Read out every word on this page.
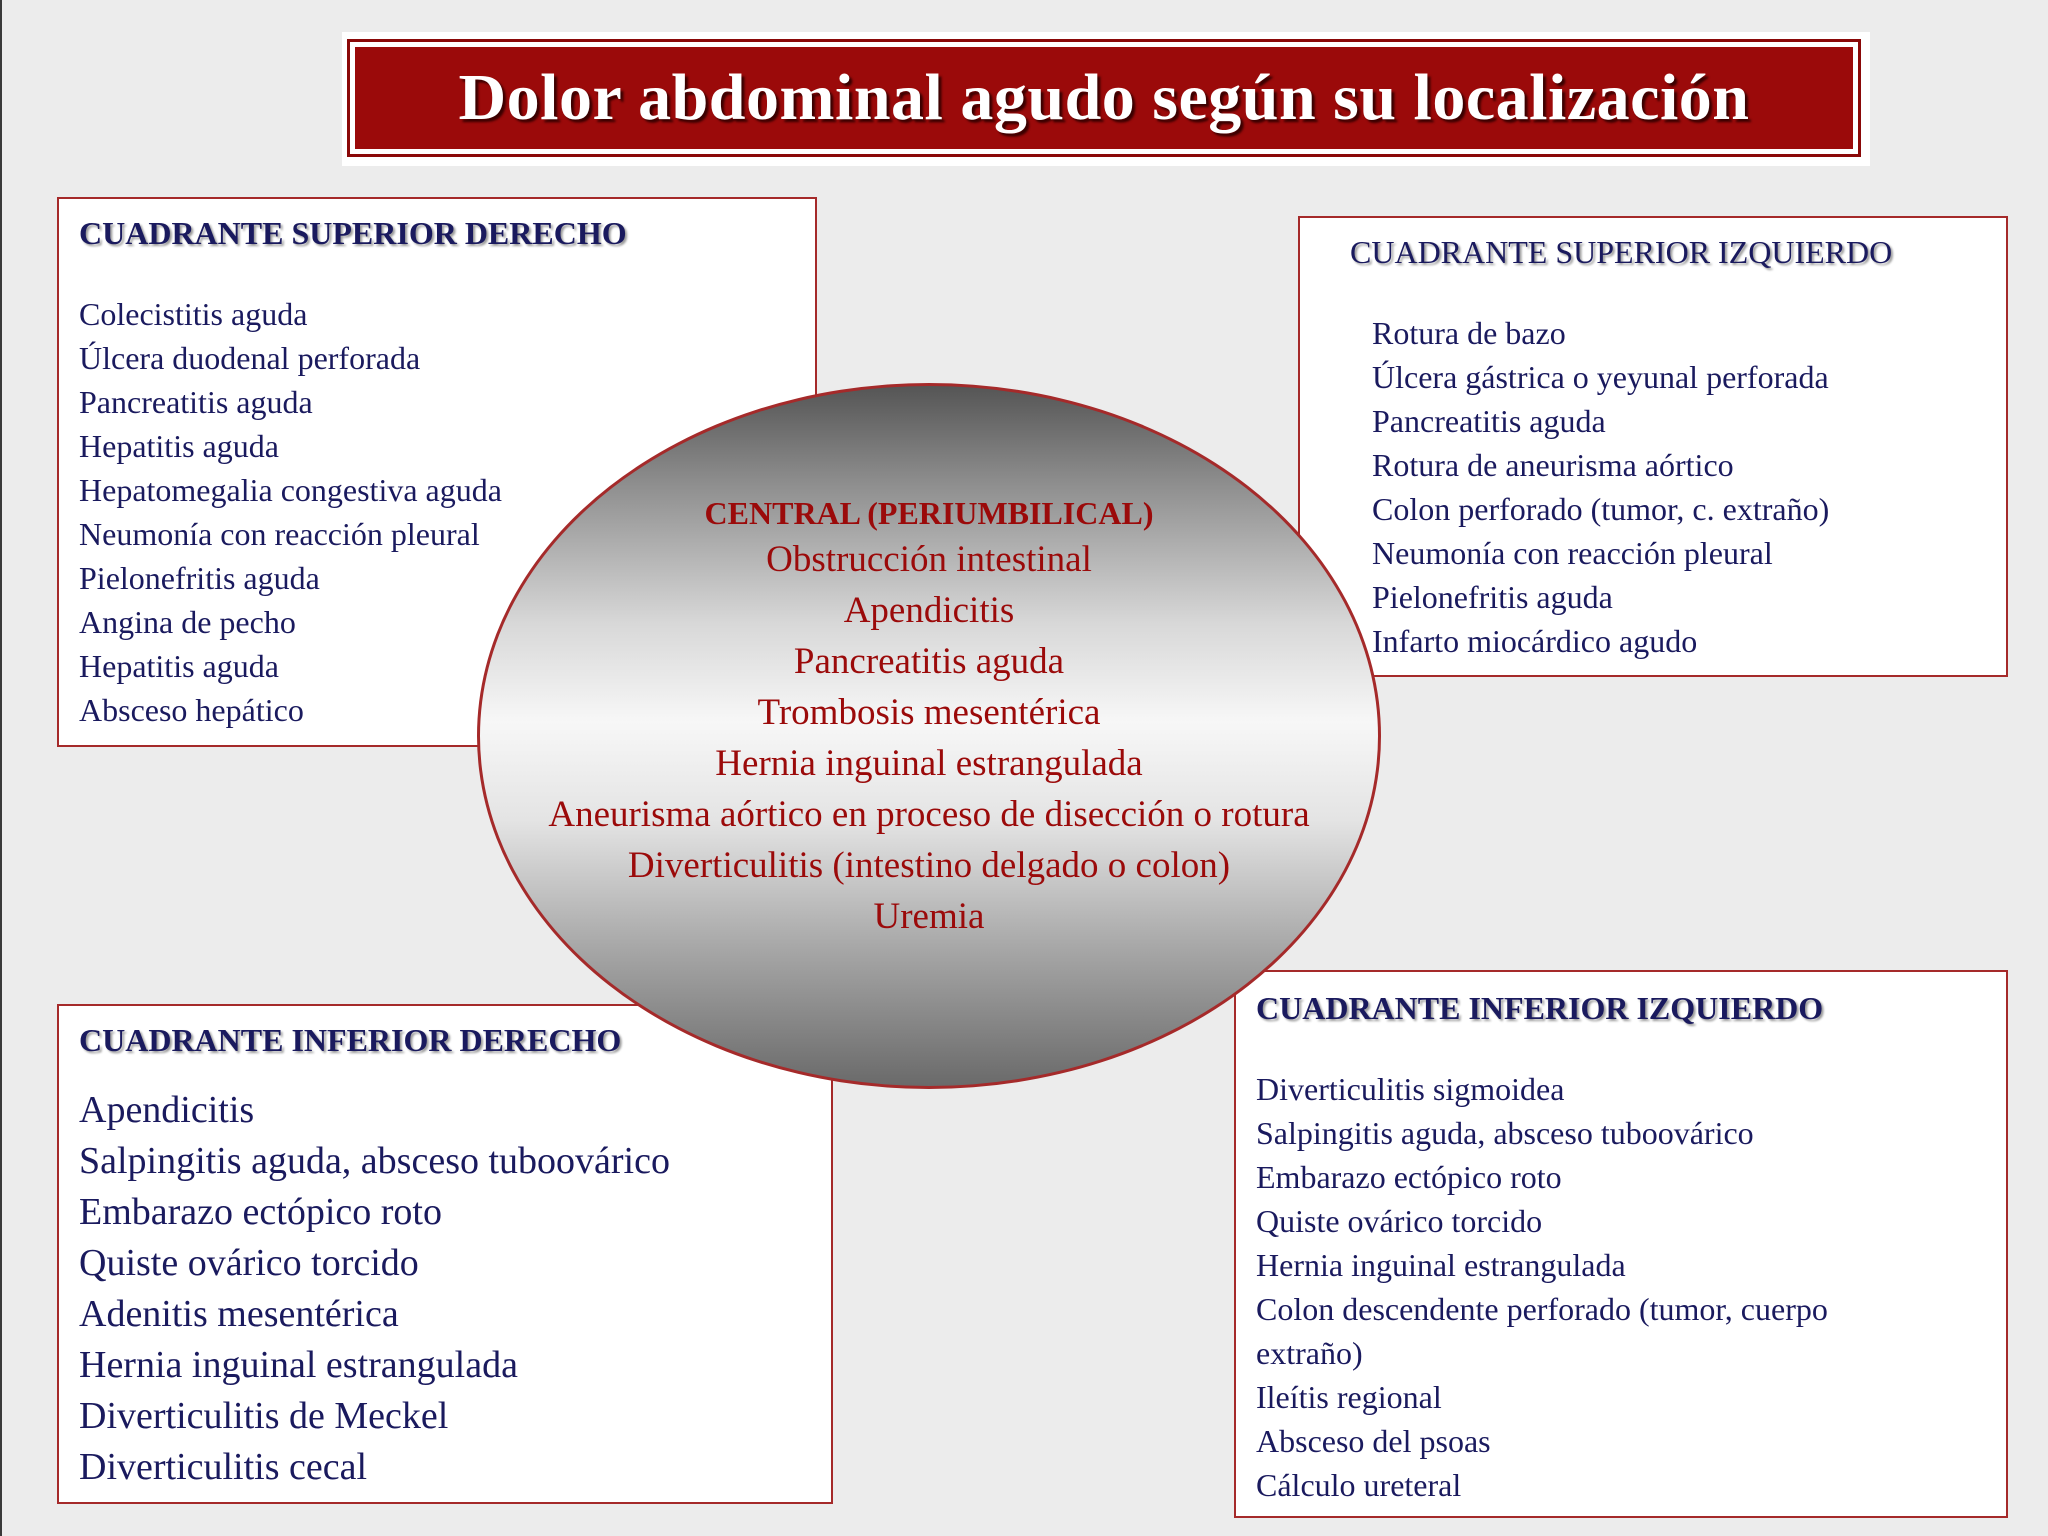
Dolor abdominal agudo según su localización
CUADRANTE SUPERIOR DERECHO
Colecistitis aguda
Úlcera duodenal perforada
Pancreatitis aguda
Hepatitis aguda
Hepatomegalia congestiva aguda
Neumonía con reacción pleural
Pielonefritis aguda
Angina de pecho
Hepatitis aguda
Absceso hepático
CUADRANTE SUPERIOR IZQUIERDO
Rotura de bazo
Úlcera gástrica o yeyunal perforada
Pancreatitis aguda
Rotura de aneurisma aórtico
Colon perforado (tumor, c. extraño)
Neumonía con reacción pleural
Pielonefritis aguda
Infarto miocárdico agudo
CUADRANTE INFERIOR DERECHO
Apendicitis
Salpingitis aguda, absceso tuboovárico
Embarazo ectópico roto
Quiste ovárico torcido
Adenitis mesentérica
Hernia inguinal estrangulada
Diverticulitis de Meckel
Diverticulitis cecal
CUADRANTE INFERIOR IZQUIERDO
Diverticulitis sigmoidea
Salpingitis aguda, absceso tuboovárico
Embarazo ectópico roto
Quiste ovárico torcido
Hernia inguinal estrangulada
Colon descendente perforado (tumor, cuerpo
extraño)
Ileítis regional
Absceso del psoas
Cálculo ureteral
CENTRAL (PERIUMBILICAL)
Obstrucción intestinal
Apendicitis
Pancreatitis aguda
Trombosis mesentérica
Hernia inguinal estrangulada
Aneurisma aórtico en proceso de disección o rotura
Diverticulitis (intestino delgado o colon)
Uremia
